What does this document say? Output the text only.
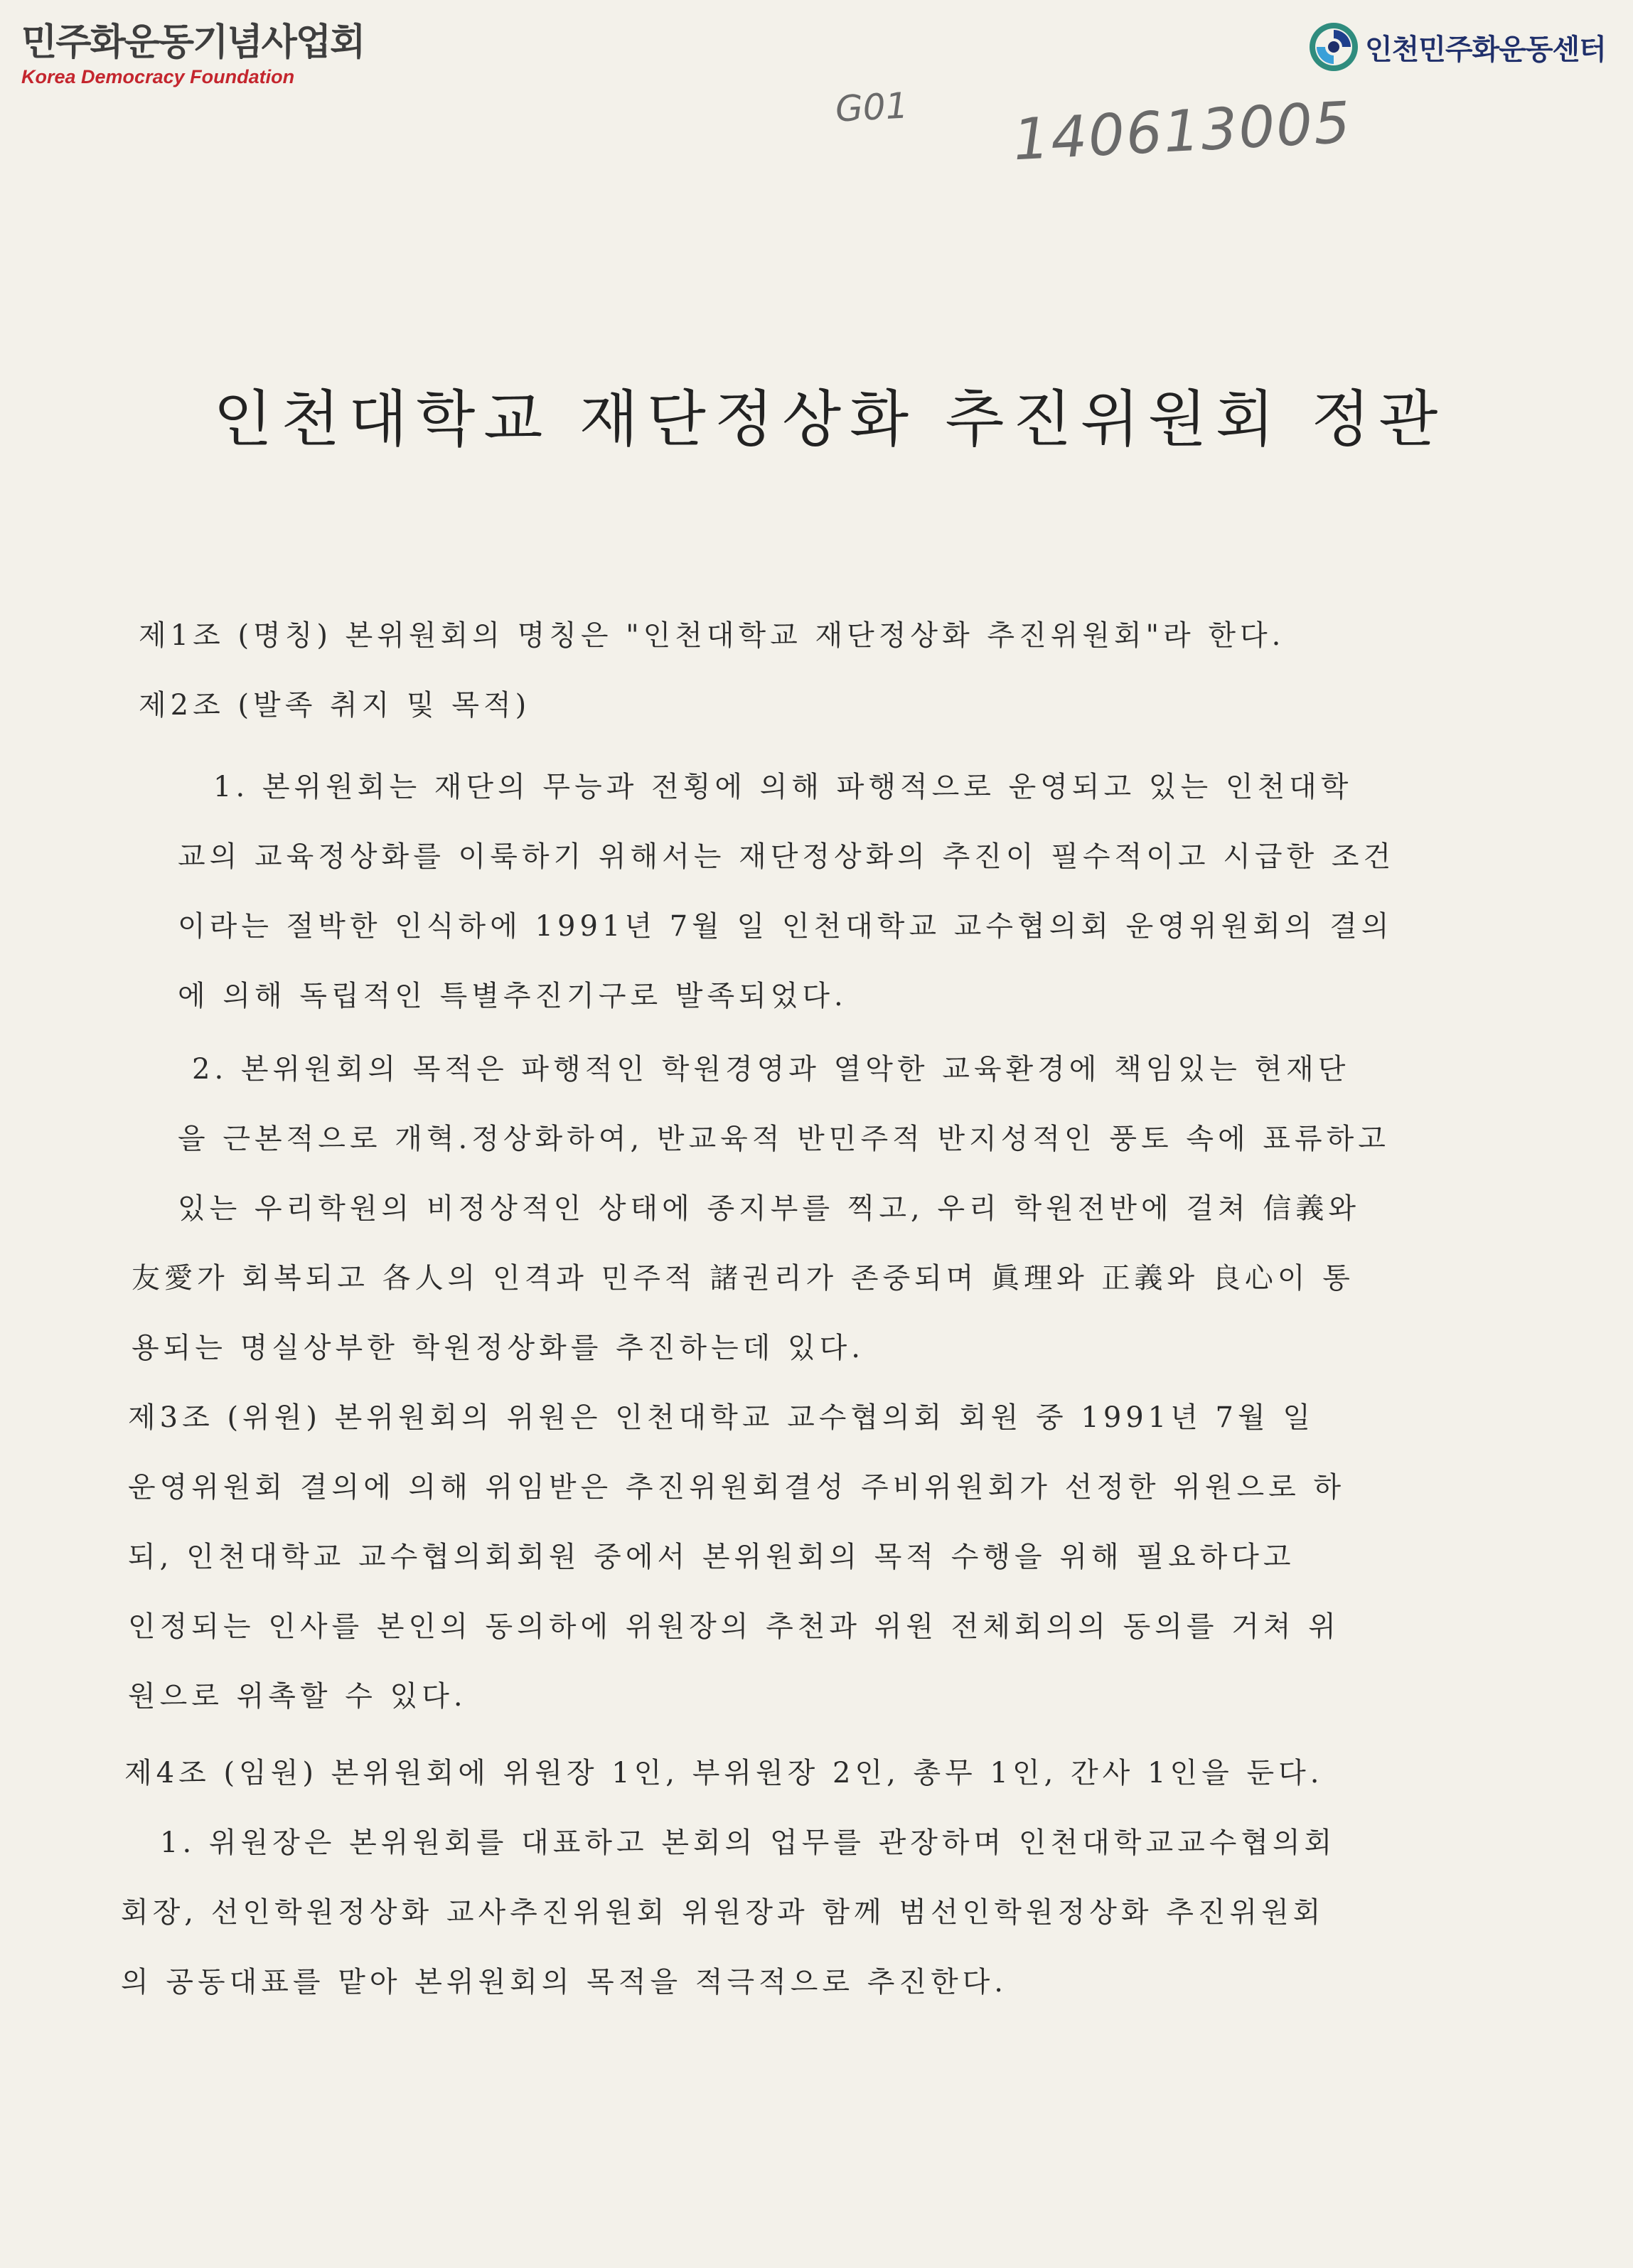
민주화운동기념사업회
Korea Democracy Foundation
인천민주화운동센터
G01 140613005
인천대학교 재단정상화 추진위원회 정관
제1조 (명칭) 본위원회의 명칭은 "인천대학교 재단정상화 추진위원회"라 한다.
제2조 (발족 취지 및 목적)
1. 본위원회는 재단의 무능과 전횡에 의해 파행적으로 운영되고 있는 인천대학
교의 교육정상화를 이룩하기 위해서는 재단정상화의 추진이 필수적이고 시급한 조건
이라는 절박한 인식하에 1991년 7월 일 인천대학교 교수협의회 운영위원회의 결의
에 의해 독립적인 특별추진기구로 발족되었다.
2. 본위원회의 목적은 파행적인 학원경영과 열악한 교육환경에 책임있는 현재단
을 근본적으로 개혁.정상화하여, 반교육적 반민주적 반지성적인 풍토 속에 표류하고
있는 우리학원의 비정상적인 상태에 종지부를 찍고, 우리 학원전반에 걸쳐 信義와
友愛가 회복되고 各人의 인격과 민주적 諸권리가 존중되며 眞理와 正義와 良心이 통
용되는 명실상부한 학원정상화를 추진하는데 있다.
제3조 (위원) 본위원회의 위원은 인천대학교 교수협의회 회원 중 1991년 7월 일
운영위원회 결의에 의해 위임받은 추진위원회결성 주비위원회가 선정한 위원으로 하
되, 인천대학교 교수협의회회원 중에서 본위원회의 목적 수행을 위해 필요하다고
인정되는 인사를 본인의 동의하에 위원장의 추천과 위원 전체회의의 동의를 거쳐 위
원으로 위촉할 수 있다.
제4조 (임원) 본위원회에 위원장 1인, 부위원장 2인, 총무 1인, 간사 1인을 둔다.
1. 위원장은 본위원회를 대표하고 본회의 업무를 관장하며 인천대학교교수협의회
회장, 선인학원정상화 교사추진위원회 위원장과 함께 범선인학원정상화 추진위원회
의 공동대표를 맡아 본위원회의 목적을 적극적으로 추진한다.
